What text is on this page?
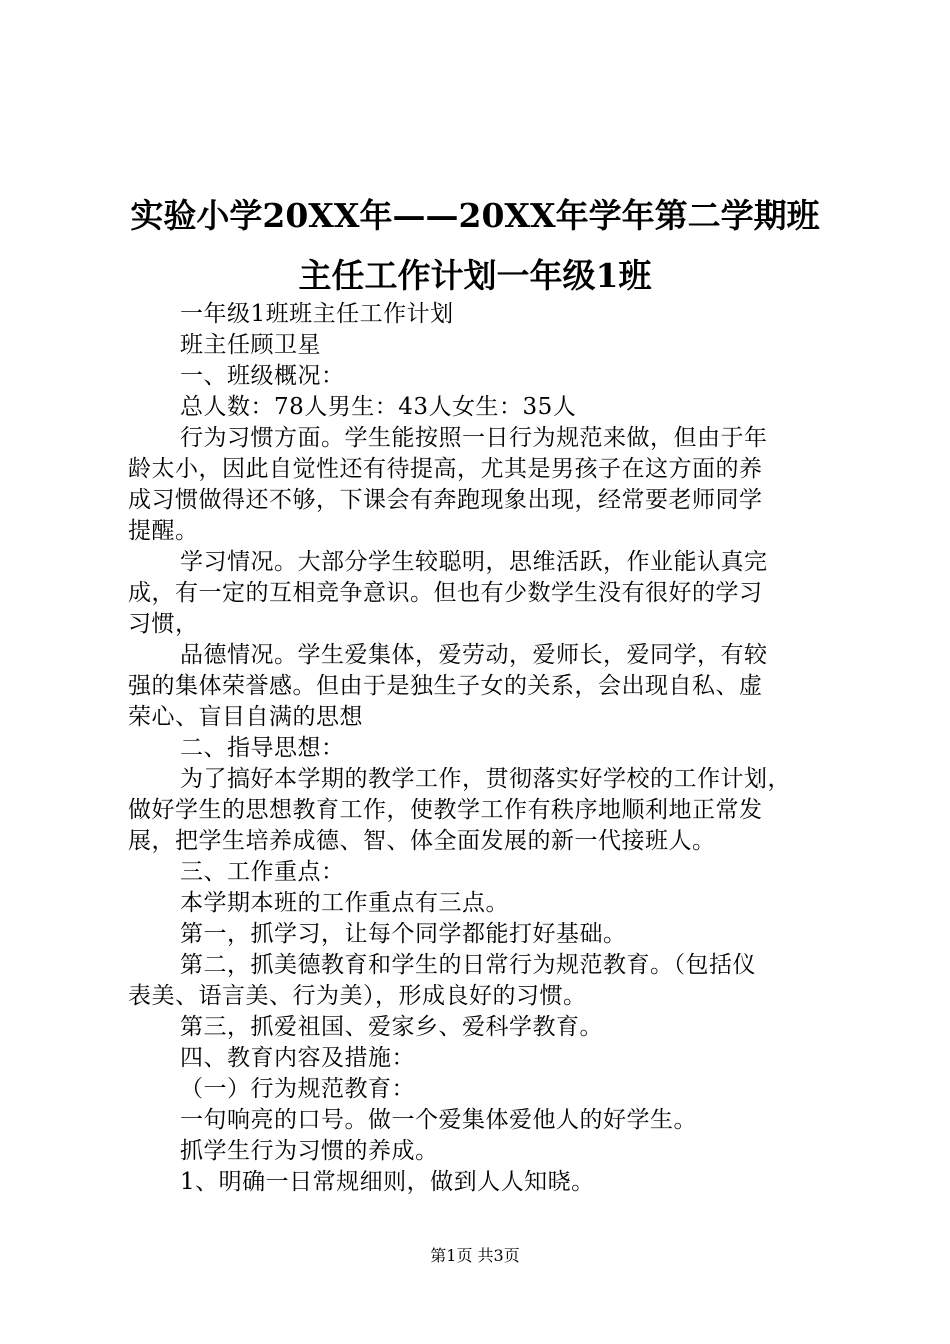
实验小学20XX年——20XX年学年第二学期班
主任工作计划一年级1班

一年级1班班主任工作计划

班主任顾卫星

一、班级概况：

总人数：78人男生：43人女生：35人

行为习惯方面。学生能按照一日行为规范来做，但由于年

龄太小，因此自觉性还有待提高，尤其是男孩子在这方面的养

成习惯做得还不够，下课会有奔跑现象出现，经常要老师同学

提醒。

学习情况。大部分学生较聪明，思维活跃，作业能认真完

成，有一定的互相竞争意识。但也有少数学生没有很好的学习

习惯，

品德情况。学生爱集体，爱劳动，爱师长，爱同学，有较

强的集体荣誉感。但由于是独生子女的关系，会出现自私、虚

荣心、盲目自满的思想

二、指导思想：

为了搞好本学期的教学工作，贯彻落实好学校的工作计划，

做好学生的思想教育工作，使教学工作有秩序地顺利地正常发

展，把学生培养成德、智、体全面发展的新一代接班人。

三、工作重点：

本学期本班的工作重点有三点。

第一，抓学习，让每个同学都能打好基础。

第二，抓美德教育和学生的日常行为规范教育。（包括仪

表美、语言美、行为美），形成良好的习惯。

第三，抓爱祖国、爱家乡、爱科学教育。

四、教育内容及措施：

（一）行为规范教育：

一句响亮的口号。做一个爱集体爱他人的好学生。

抓学生行为习惯的养成。

1、明确一日常规细则，做到人人知晓。

第1页 共3页
